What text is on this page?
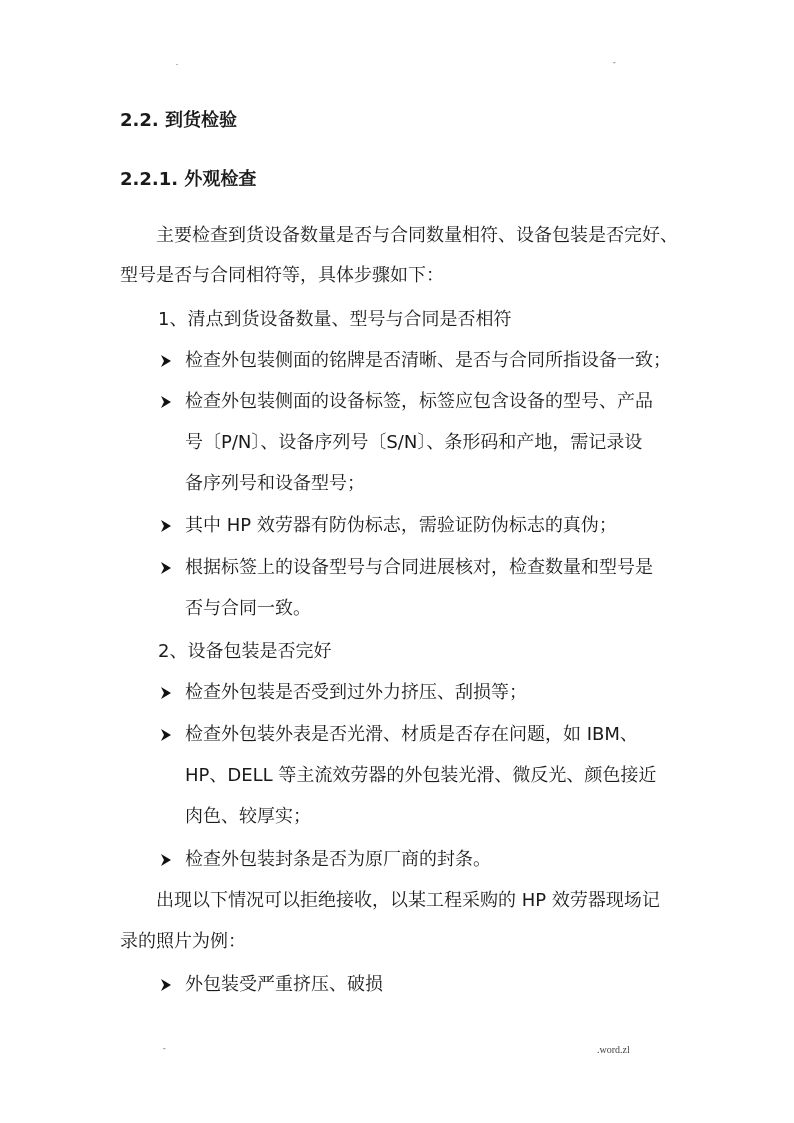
.	-
2.2. 到货检验
2.2.1. 外观检查
主要检查到货设备数量是否与合同数量相符、设备包装是否完好、
型号是否与合同相符等，具体步骤如下：
1、清点到货设备数量、型号与合同是否相符
检查外包装侧面的铭牌是否清晰、是否与合同所指设备一致；
检查外包装侧面的设备标签，标签应包含设备的型号、产品
号〔P/N〕、设备序列号〔S/N〕、条形码和产地，需记录设
备序列号和设备型号；
其中 HP 效劳器有防伪标志，需验证防伪标志的真伪；
根据标签上的设备型号与合同进展核对，检查数量和型号是
否与合同一致。
2、设备包装是否完好
检查外包装是否受到过外力挤压、刮损等；
检查外包装外表是否光滑、材质是否存在问题，如 IBM、
HP、DELL 等主流效劳器的外包装光滑、微反光、颜色接近
肉色、较厚实；
检查外包装封条是否为原厂商的封条。
出现以下情况可以拒绝接收，以某工程采购的 HP 效劳器现场记
录的照片为例：
外包装受严重挤压、破损
-	.word.zl
